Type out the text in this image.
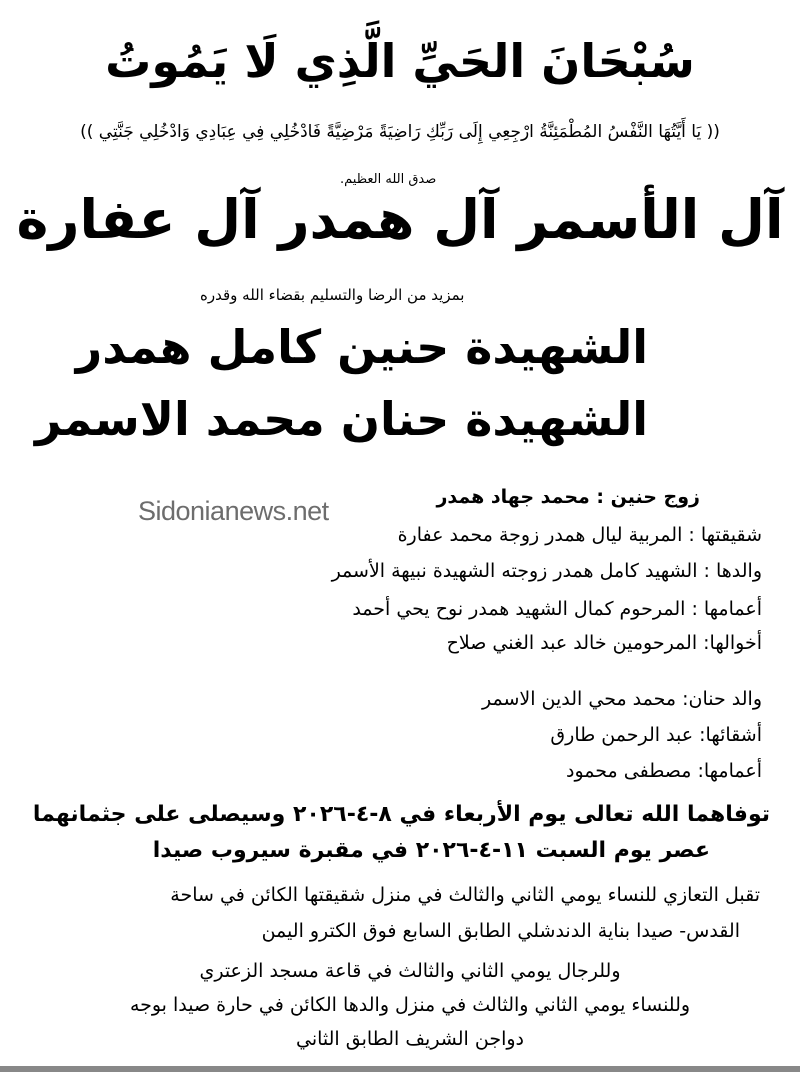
سُبْحَانَ الحَيِّ الَّذِي لَا يَمُوتُ
(( يَا أَيَّتُهَا النَّفْسُ المُطْمَئِنَّةُ ارْجِعِي إِلَى رَبِّكِ رَاضِيَةً مَرْضِيَّةً فَادْخُلِي فِي عِبَادِي وَادْخُلِي جَنَّتِي ))
صدق الله العظيم.
آل الأسمر آل همدر آل عفارة
بمزيد من الرضا والتسليم بقضاء الله وقدره
الشهيدة حنين كامل همدر
الشهيدة حنان محمد الاسمر
Sidonianews.net	زوج حنين : محمد جهاد همدر
شقيقتها : المربية ليال همدر زوجة محمد عفارة
والدها : الشهيد كامل همدر زوجته الشهيدة نبيهة الأسمر
أعمامها : المرحوم كمال الشهيد همدر نوح يحي أحمد
أخوالها: المرحومين خالد عبد الغني صلاح
والد حنان: محمد محي الدين الاسمر
أشقائها: عبد الرحمن طارق
أعمامها: مصطفى محمود
توفاهما الله تعالى يوم الأربعاء في ٨-٤-٢٠٢٦ وسيصلى على جثمانهما
عصر يوم السبت ١١-٤-٢٠٢٦ في مقبرة سيروب صيدا
تقبل التعازي للنساء يومي الثاني والثالث في منزل شقيقتها الكائن في ساحة
القدس- صيدا بناية الدندشلي الطابق السابع فوق الكترو اليمن
وللرجال يومي الثاني والثالث في قاعة مسجد الزعتري
وللنساء يومي الثاني والثالث في منزل والدها الكائن في حارة صيدا بوجه
دواجن الشريف الطابق الثاني
